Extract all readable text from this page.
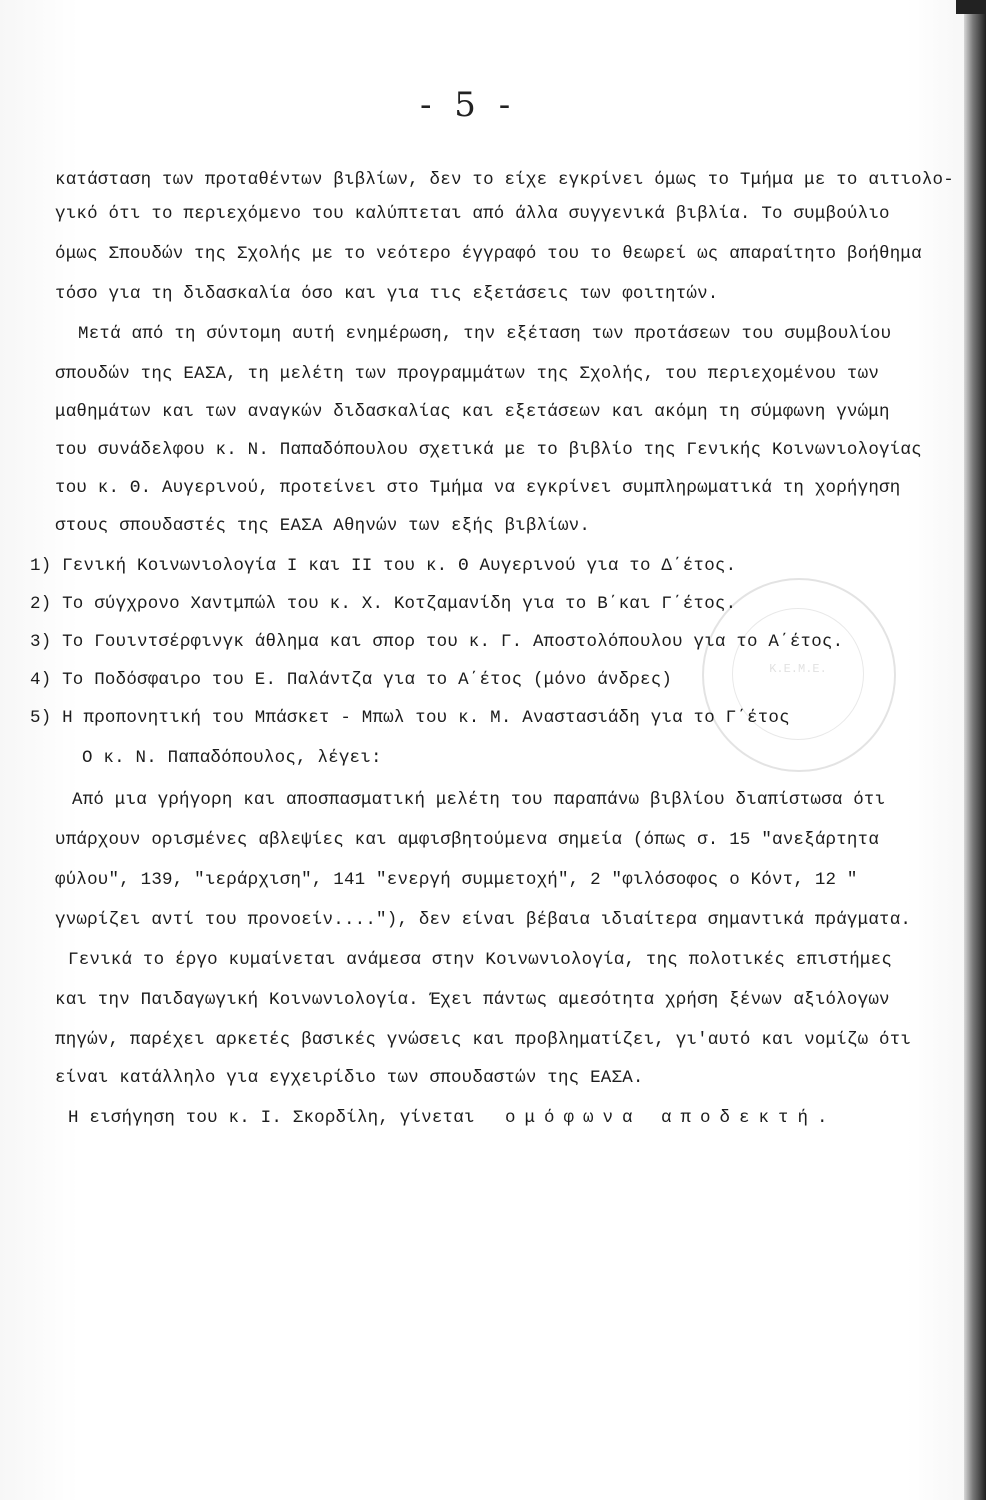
Κ.Ε.Μ.Ε.
- 5 -
κατάσταση των προταθέντων βιβλίων, δεν το είχε εγκρίνει όμως το Τμήμα με το αιτιολο-
γικό ότι το περιεχόμενο του καλύπτεται από άλλα συγγενικά βιβλία. Το συμβούλιο
όμως Σπουδών της Σχολής με το νεότερο έγγραφό του το θεωρεί ως απαραίτητο βοήθημα
τόσο για τη διδασκαλία όσο και για τις εξετάσεις των φοιτητών.
Μετά από τη σύντομη αυτή ενημέρωση, την εξέταση των προτάσεων του συμβουλίου
σπουδών της ΕΑΣΑ, τη μελέτη των προγραμμάτων της Σχολής, του περιεχομένου των
μαθημάτων και των αναγκών διδασκαλίας και εξετάσεων και ακόμη τη σύμφωνη γνώμη
του συνάδελφου κ. Ν. Παπαδόπουλου σχετικά με το βιβλίο της Γενικής Κοινωνιολογίας
του κ. Θ. Αυγερινού, προτείνει στο Τμήμα να εγκρίνει συμπληρωματικά τη χορήγηση
στους σπουδαστές της ΕΑΣΑ Αθηνών των εξής βιβλίων.
1) Γενική Κοινωνιολογία Ι και ΙΙ του κ. Θ Αυγερινού για το Δ΄έτος.
2) Το σύγχρονο Χαντμπώλ του κ. Χ. Κοτζαμανίδη για το Β΄και Γ΄έτος.
3) Το Γουιντσέρφινγκ άθλημα και σπορ του κ. Γ. Αποστολόπουλου για το Α΄έτος.
4) Το Ποδόσφαιρο του Ε. Παλάντζα για το Α΄έτος (μόνο άνδρες)
5) Η προπονητική του Μπάσκετ - Μπωλ του κ. Μ. Αναστασιάδη για το Γ΄έτος
Ο κ. Ν. Παπαδόπουλος, λέγει:
Από μια γρήγορη και αποσπασματική μελέτη του παραπάνω βιβλίου διαπίστωσα ότι
υπάρχουν ορισμένες αβλεψίες και αμφισβητούμενα σημεία (όπως σ. 15 "ανεξάρτητα
φύλου", 139, "ιεράρχιση", 141 "ενεργή συμμετοχή", 2 "φιλόσοφος ο Κόντ, 12 "
γνωρίζει αντί του προνοείν...."), δεν είναι βέβαια ιδιαίτερα σημαντικά πράγματα.
Γενικά το έργο κυμαίνεται ανάμεσα στην Κοινωνιολογία, της πολοτικές επιστήμες
και την Παιδαγωγική Κοινωνιολογία. Έχει πάντως αμεσότητα χρήση ξένων αξιόλογων
πηγών, παρέχει αρκετές βασικές γνώσεις και προβληματίζει, γι'αυτό και νομίζω ότι
είναι κατάλληλο για εγχειρίδιο των σπουδαστών της ΕΑΣΑ.
Η εισήγηση του κ. Ι. Σκορδίλη, γίνεται ομόφωνα αποδεκτή.
